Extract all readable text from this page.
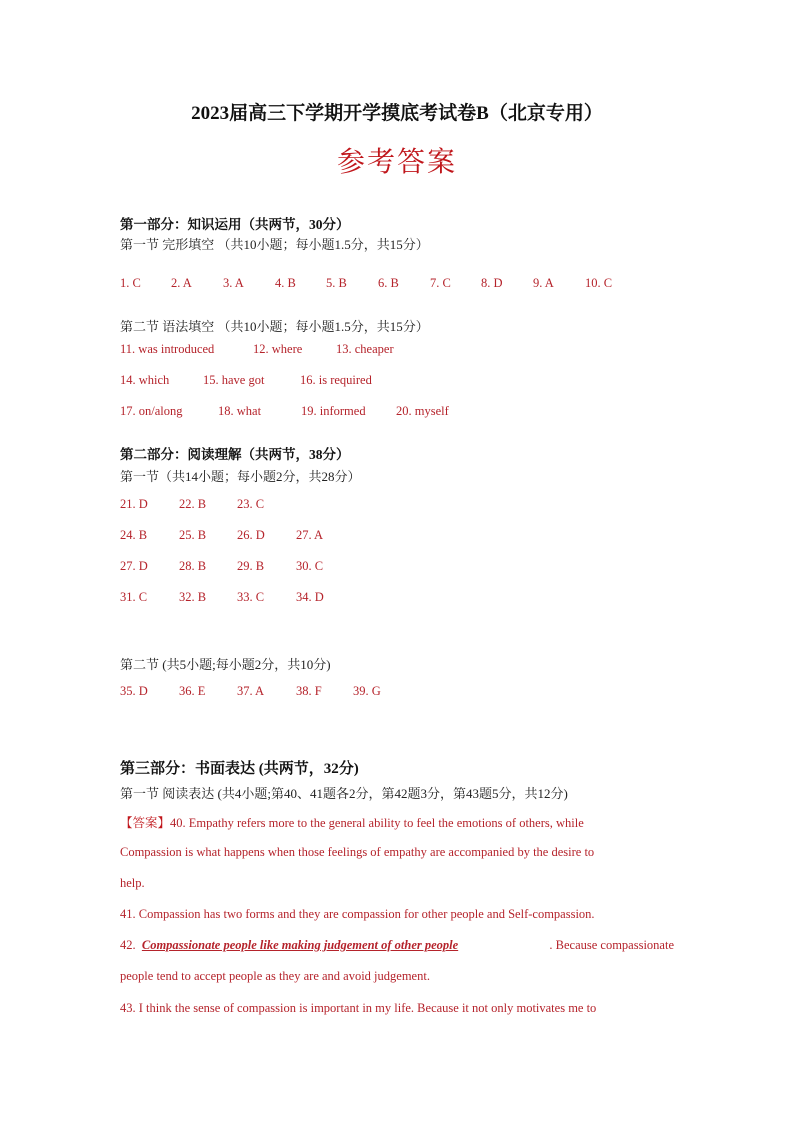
2023届高三下学期开学摸底考试卷B（北京专用）
参考答案
第一部分：知识运用（共两节，30分）
第一节 完形填空 （共10小题；每小题1.5分，共15分）
1. C 2. A 3. A 4. B 5. B 6. B 7. C 8. D 9. A 10. C
第二节 语法填空 （共10小题；每小题1.5分，共15分）
11. was introduced	12. where	13. cheaper
14. which	15. have got	16. is required
17. on/along	18. what	19. informed 20. myself
第二部分：阅读理解（共两节，38分）
第一节（共14小题；每小题2分，共28分）
21. D 22. B 23. C
24. B	25. B 26. D 27. A
27. D 28. B 29. B	30. C
31. C	32. B 33. C	34. D
第二节 (共5小题;每小题2分，共10分)
35. D 36. E	37. A	38. F	39. G
第三部分：书面表达 (共两节，32分)
第一节 阅读表达 (共4小题;第40、41题各2分，第42题3分，第43题5分，共12分)
【答案】40. Empathy refers more to the general ability to feel the emotions of others, while
Compassion is what happens when those feelings of empathy are accompanied by the desire to
help.
41. Compassion has two forms and they are compassion for other people and Self-compassion.
42. Compassionate people like making judgement of other people	. Because compassionate
people tend to accept people as they are and avoid judgement.
43. I think the sense of compassion is important in my life. Because it not only motivates me to
